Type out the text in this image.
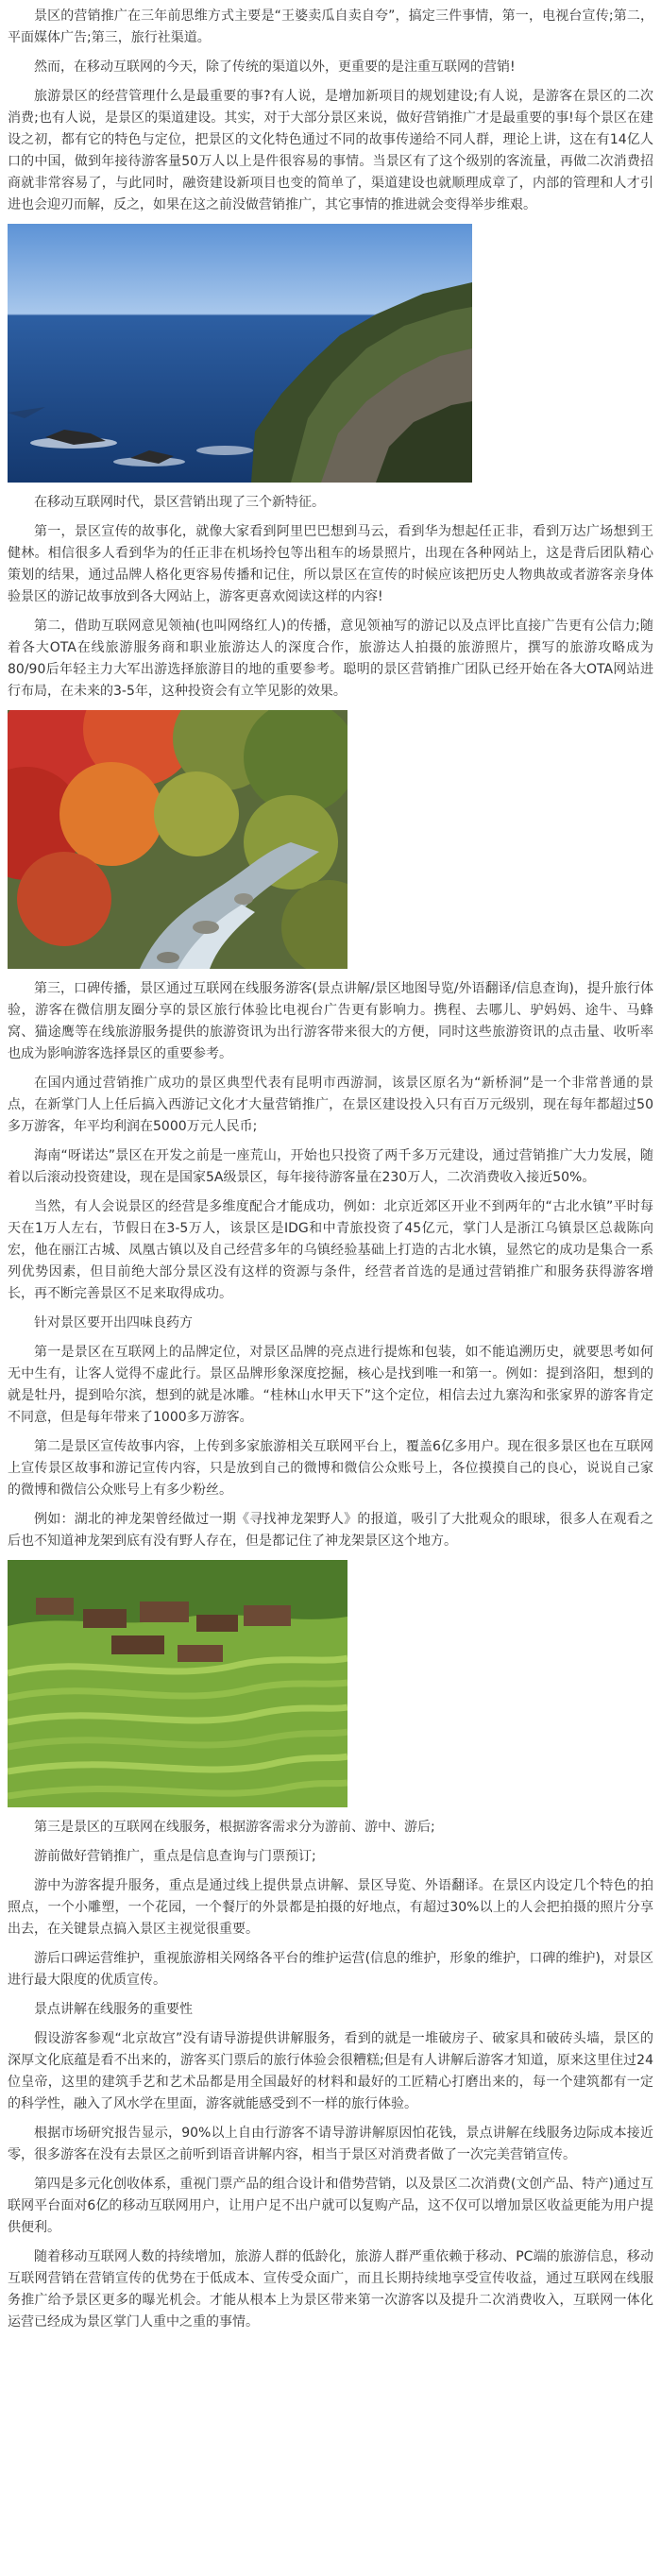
景区的营销推广在三年前思维方式主要是“王婆卖瓜自卖自夸”，搞定三件事情，第一，电视台宣传;第二，平面媒体广告;第三，旅行社渠道。

然而，在移动互联网的今天，除了传统的渠道以外，更重要的是注重互联网的营销!

旅游景区的经营管理什么是最重要的事?有人说，是增加新项目的规划建设;有人说，是游客在景区的二次消费;也有人说，是景区的渠道建设。其实，对于大部分景区来说，做好营销推广才是最重要的事!每个景区在建设之初，都有它的特色与定位，把景区的文化特色通过不同的故事传递给不同人群，理论上讲，这在有14亿人口的中国，做到年接待游客量50万人以上是件很容易的事情。当景区有了这个级别的客流量，再做二次消费招商就非常容易了，与此同时，融资建设新项目也变的简单了，渠道建设也就顺理成章了，内部的管理和人才引进也会迎刃而解，反之，如果在这之前没做营销推广，其它事情的推进就会变得举步维艰。

在移动互联网时代，景区营销出现了三个新特征。

第一，景区宣传的故事化，就像大家看到阿里巴巴想到马云，看到华为想起任正非，看到万达广场想到王健林。相信很多人看到华为的任正非在机场拎包等出租车的场景照片，出现在各种网站上，这是背后团队精心策划的结果，通过品牌人格化更容易传播和记住，所以景区在宣传的时候应该把历史人物典故或者游客亲身体验景区的游记故事放到各大网站上，游客更喜欢阅读这样的内容!

第二，借助互联网意见领袖(也叫网络红人)的传播，意见领袖写的游记以及点评比直接广告更有公信力;随着各大OTA在线旅游服务商和职业旅游达人的深度合作，旅游达人拍摄的旅游照片，撰写的旅游攻略成为80/90后年轻主力大军出游选择旅游目的地的重要参考。聪明的景区营销推广团队已经开始在各大OTA网站进行布局，在未来的3-5年，这种投资会有立竿见影的效果。

第三，口碑传播，景区通过互联网在线服务游客(景点讲解/景区地图导览/外语翻译/信息查询)，提升旅行体验，游客在微信朋友圈分享的景区旅行体验比电视台广告更有影响力。携程、去哪儿、驴妈妈、途牛、马蜂窝、猫途鹰等在线旅游服务提供的旅游资讯为出行游客带来很大的方便，同时这些旅游资讯的点击量、收听率也成为影响游客选择景区的重要参考。

在国内通过营销推广成功的景区典型代表有昆明市西游洞，该景区原名为“新桥洞”是一个非常普通的景点，在新掌门人上任后搞入西游记文化才大量营销推广，在景区建设投入只有百万元级别，现在每年都超过50多万游客，年平均利润在5000万元人民币;

海南“呀诺达”景区在开发之前是一座荒山，开始也只投资了两千多万元建设，通过营销推广大力发展，随着以后滚动投资建设，现在是国家5A级景区，每年接待游客量在230万人，二次消费收入接近50%。

当然，有人会说景区的经营是多维度配合才能成功，例如：北京近郊区开业不到两年的“古北水镇”平时每天在1万人左右，节假日在3-5万人，该景区是IDG和中青旅投资了45亿元，掌门人是浙江乌镇景区总裁陈向宏，他在丽江古城、凤凰古镇以及自己经营多年的乌镇经验基础上打造的古北水镇，显然它的成功是集合一系列优势因素，但目前绝大部分景区没有这样的资源与条件，经营者首选的是通过营销推广和服务获得游客增长，再不断完善景区不足来取得成功。

针对景区要开出四味良药方

第一是景区在互联网上的品牌定位，对景区品牌的亮点进行提炼和包装，如不能追溯历史，就要思考如何无中生有，让客人觉得不虚此行。景区品牌形象深度挖掘，核心是找到唯一和第一。例如：提到洛阳，想到的就是牡丹，提到哈尔滨，想到的就是冰雕。“桂林山水甲天下”这个定位，相信去过九寨沟和张家界的游客肯定不同意，但是每年带来了1000多万游客。

第二是景区宣传故事内容，上传到多家旅游相关互联网平台上，覆盖6亿多用户。现在很多景区也在互联网上宣传景区故事和游记宣传内容，只是放到自己的微博和微信公众账号上，各位摸摸自己的良心，说说自己家的微博和微信公众账号上有多少粉丝。

例如：湖北的神龙架曾经做过一期《寻找神龙架野人》的报道，吸引了大批观众的眼球，很多人在观看之后也不知道神龙架到底有没有野人存在，但是都记住了神龙架景区这个地方。

第三是景区的互联网在线服务，根据游客需求分为游前、游中、游后;

游前做好营销推广，重点是信息查询与门票预订;

游中为游客提升服务，重点是通过线上提供景点讲解、景区导览、外语翻译。在景区内设定几个特色的拍照点，一个小雕塑，一个花园，一个餐厅的外景都是拍摄的好地点，有超过30%以上的人会把拍摄的照片分享出去，在关键景点搞入景区主视觉很重要。

游后口碑运营维护，重视旅游相关网络各平台的维护运营(信息的维护，形象的维护，口碑的维护)，对景区进行最大限度的优质宣传。

景点讲解在线服务的重要性

假设游客参观“北京故宫”没有请导游提供讲解服务，看到的就是一堆破房子、破家具和破砖头墙，景区的深厚文化底蕴是看不出来的，游客买门票后的旅行体验会很糟糕;但是有人讲解后游客才知道，原来这里住过24位皇帝，这里的建筑手艺和艺术品都是用全国最好的材料和最好的工匠精心打磨出来的，每一个建筑都有一定的科学性，融入了风水学在里面，游客就能感受到不一样的旅行体验。

根据市场研究报告显示，90%以上自由行游客不请导游讲解原因怕花钱，景点讲解在线服务边际成本接近零，很多游客在没有去景区之前听到语音讲解内容，相当于景区对消费者做了一次完美营销宣传。

第四是多元化创收体系，重视门票产品的组合设计和借势营销，以及景区二次消费(文创产品、特产)通过互联网平台面对6亿的移动互联网用户，让用户足不出户就可以复购产品，这不仅可以增加景区收益更能为用户提供便利。

随着移动互联网人数的持续增加，旅游人群的低龄化，旅游人群严重依赖于移动、PC端的旅游信息，移动互联网营销在营销宣传的优势在于低成本、宣传受众面广，而且长期持续地享受宣传收益，通过互联网在线服务推广给予景区更多的曝光机会。才能从根本上为景区带来第一次游客以及提升二次消费收入，互联网一体化运营已经成为景区掌门人重中之重的事情。
